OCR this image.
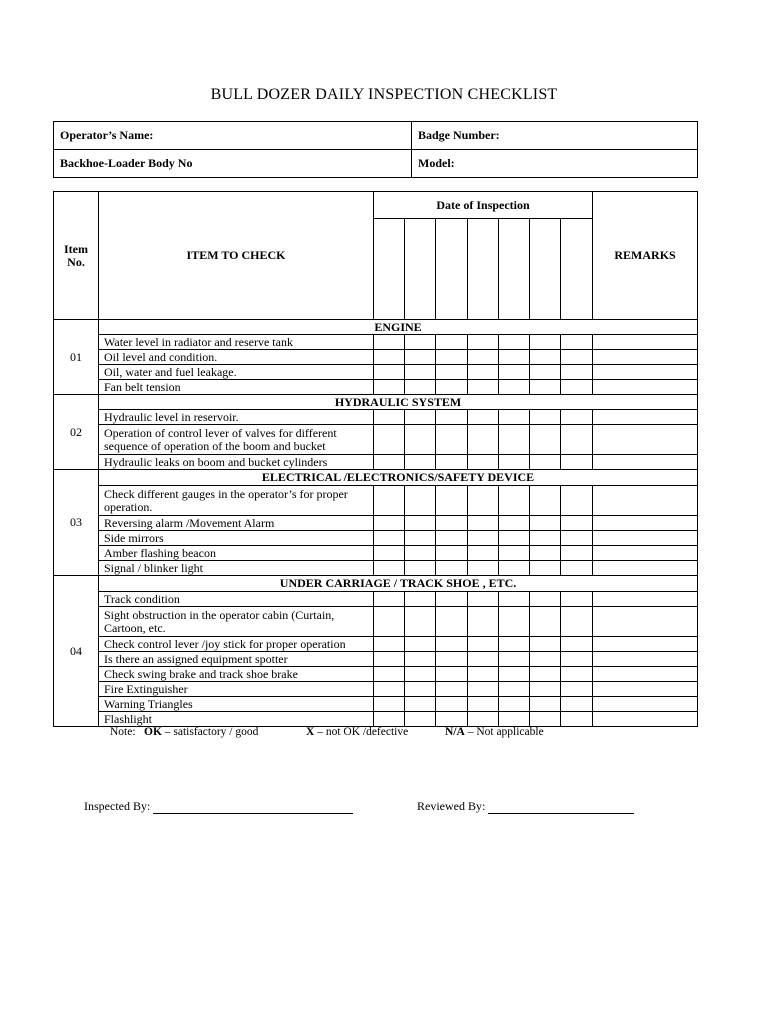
BULL DOZER DAILY INSPECTION CHECKLIST
Operator’s Name:	Badge Number:
Backhoe-Loader Body No	Model:
Item No.	ITEM TO CHECK	Date of Inspection							REMARKS

01	ENGINE								
	Water level in radiator and reserve tank								
	Oil level and condition.								
	Oil, water and fuel leakage.								
	Fan belt tension								
02	HYDRAULIC SYSTEM								
	Hydraulic level in reservoir.								
	Operation of control lever of valves for different sequence of operation of the boom and bucket								
	Hydraulic leaks on boom and bucket cylinders								
03	ELECTRICAL /ELECTRONICS/SAFETY DEVICE								
	Check different gauges in the operator’s for proper operation.								
	Reversing alarm /Movement Alarm								
	Side mirrors								
	Amber flashing beacon								
	Signal / blinker light								
04	UNDER CARRIAGE / TRACK SHOE , ETC.								
	Track condition								
	Sight obstruction in the operator cabin (Curtain, Cartoon, etc.								
	Check control lever /joy stick for proper operation								
	Is there an assigned equipment spotter								
	Check swing brake and track shoe brake								
	Fire Extinguisher								
	Warning Triangles								
	Flashlight								
Note: OK – satisfactory / good	X – not OK /defective	N/A – Not applicable
Inspected By:	Reviewed By:
